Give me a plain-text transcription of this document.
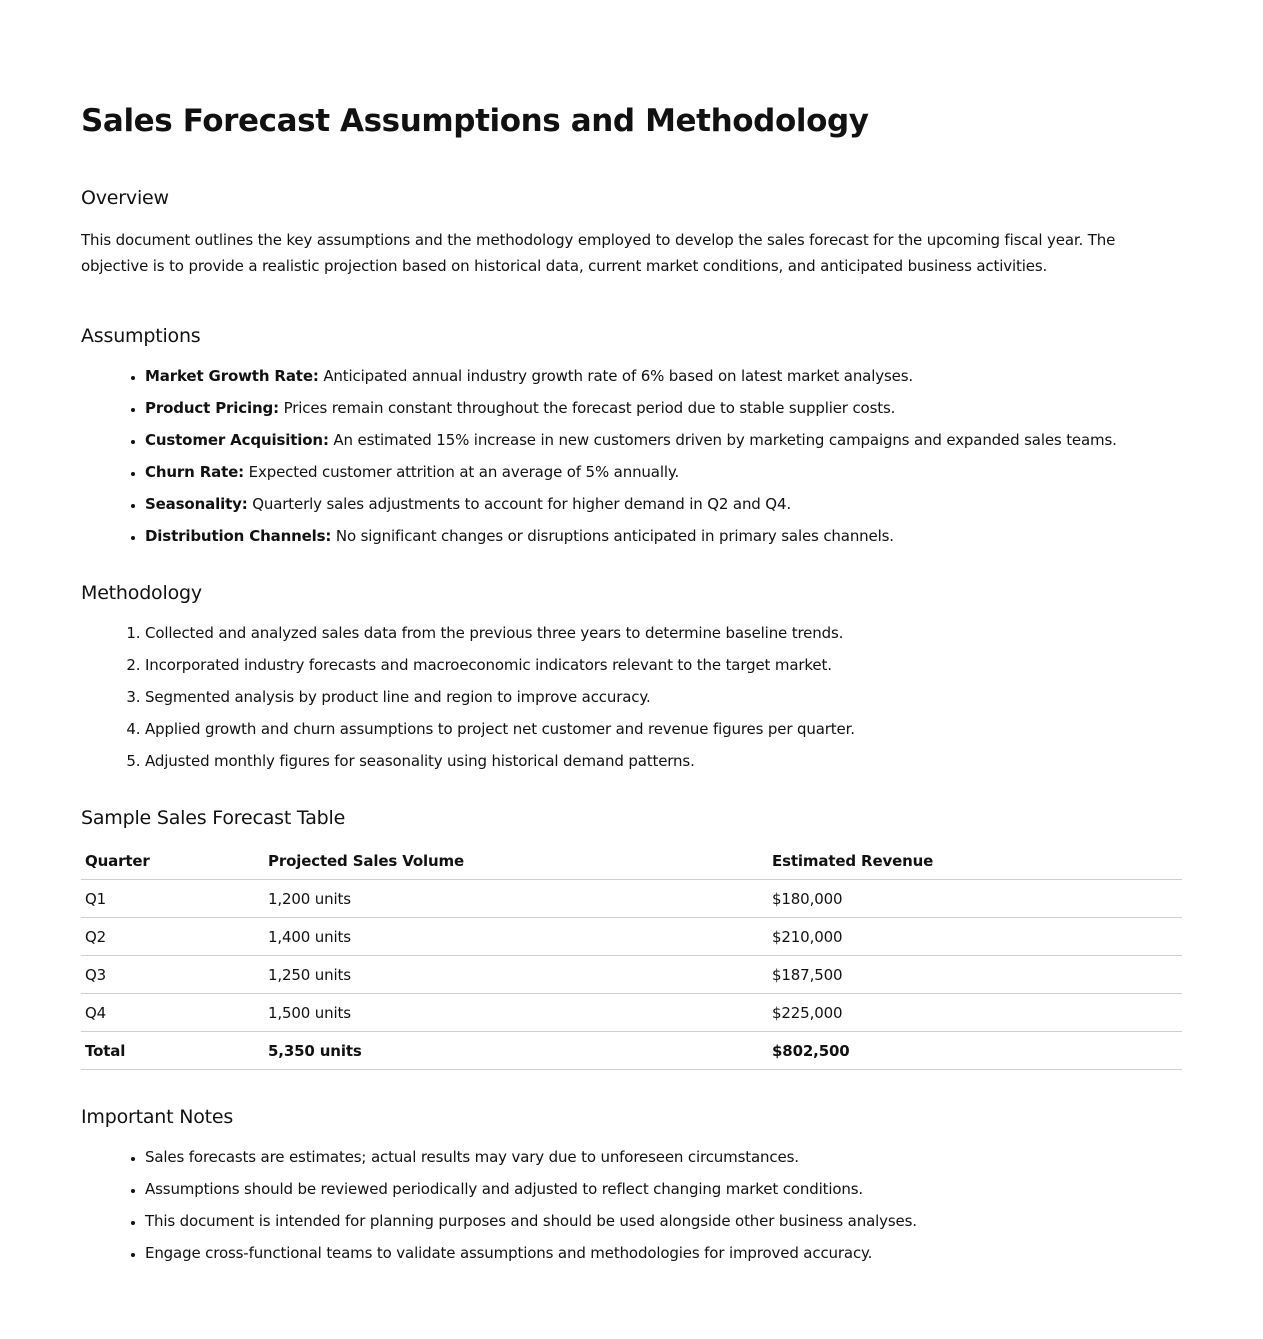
Sales Forecast Assumptions and Methodology
Overview

This document outlines the key assumptions and the methodology employed to develop the sales forecast for the upcoming fiscal year. The objective is to provide a realistic projection based on historical data, current market conditions, and anticipated business activities.

Assumptions
• Market Growth Rate: Anticipated annual industry growth rate of 6% based on latest market analyses.
• Product Pricing: Prices remain constant throughout the forecast period due to stable supplier costs.
• Customer Acquisition: An estimated 15% increase in new customers driven by marketing campaigns and expanded sales teams.
• Churn Rate: Expected customer attrition at an average of 5% annually.
• Seasonality: Quarterly sales adjustments to account for higher demand in Q2 and Q4.
• Distribution Channels: No significant changes or disruptions anticipated in primary sales channels.
Methodology
1. Collected and analyzed sales data from the previous three years to determine baseline trends.
2. Incorporated industry forecasts and macroeconomic indicators relevant to the target market.
3. Segmented analysis by product line and region to improve accuracy.
4. Applied growth and churn assumptions to project net customer and revenue figures per quarter.
5. Adjusted monthly figures for seasonality using historical demand patterns.
Sample Sales Forecast Table
Quarter	Projected Sales Volume	Estimated Revenue
Q1	1,200 units	$180,000
Q2	1,400 units	$210,000
Q3	1,250 units	$187,500
Q4	1,500 units	$225,000
Total	5,350 units	$802,500
Important Notes
• Sales forecasts are estimates; actual results may vary due to unforeseen circumstances.
• Assumptions should be reviewed periodically and adjusted to reflect changing market conditions.
• This document is intended for planning purposes and should be used alongside other business analyses.
• Engage cross-functional teams to validate assumptions and methodologies for improved accuracy.
